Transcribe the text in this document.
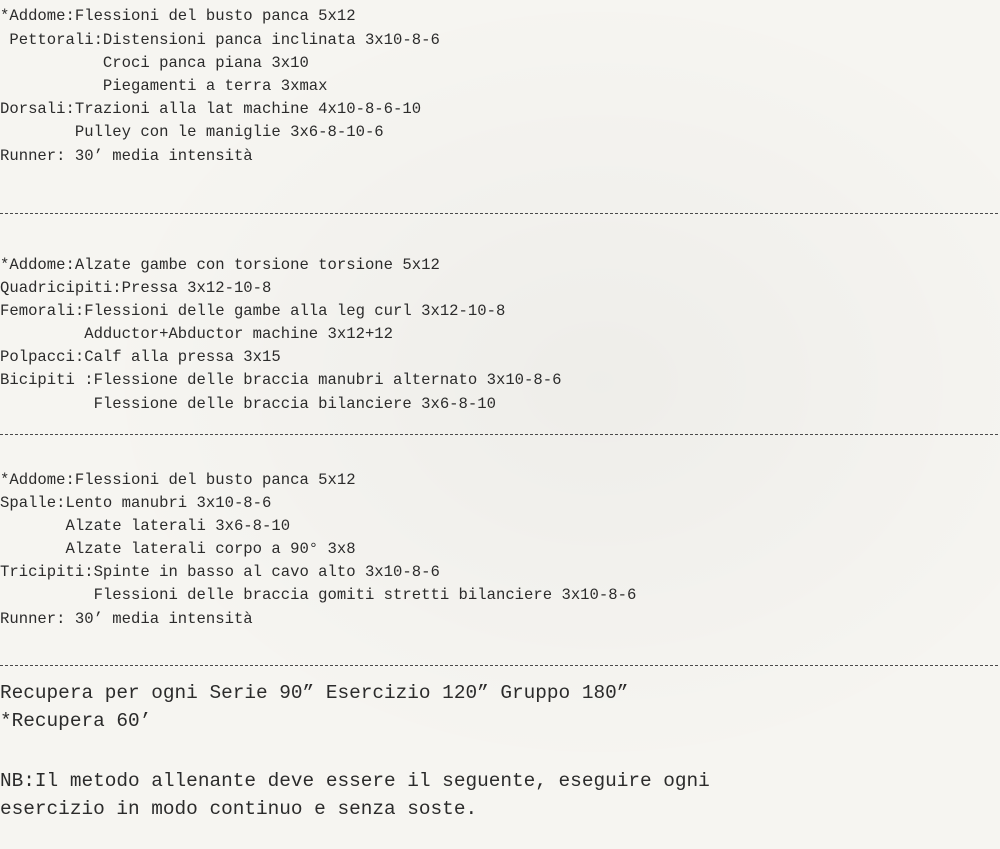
*Addome:Flessioni del busto panca 5x12
Pettorali:Distensioni panca inclinata 3x10-8-6
Croci panca piana 3x10
Piegamenti a terra 3xmax
Dorsali:Trazioni alla lat machine 4x10-8-6-10
Pulley con le maniglie 3x6-8-10-6
Runner: 30’ media intensità
*Addome:Alzate gambe con torsione torsione 5x12
Quadricipiti:Pressa 3x12-10-8
Femorali:Flessioni delle gambe alla leg curl 3x12-10-8
Adductor+Abductor machine 3x12+12
Polpacci:Calf alla pressa 3x15
Bicipiti :Flessione delle braccia manubri alternato 3x10-8-6
Flessione delle braccia bilanciere 3x6-8-10
*Addome:Flessioni del busto panca 5x12
Spalle:Lento manubri 3x10-8-6
Alzate laterali 3x6-8-10
Alzate laterali corpo a 90° 3x8
Tricipiti:Spinte in basso al cavo alto 3x10-8-6
Flessioni delle braccia gomiti stretti bilanciere 3x10-8-6
Runner: 30’ media intensità
Recupera per ogni Serie 90” Esercizio 120” Gruppo 180”
*Recupera 60’
NB:Il metodo allenante deve essere il seguente, eseguire ogni
esercizio in modo continuo e senza soste.
